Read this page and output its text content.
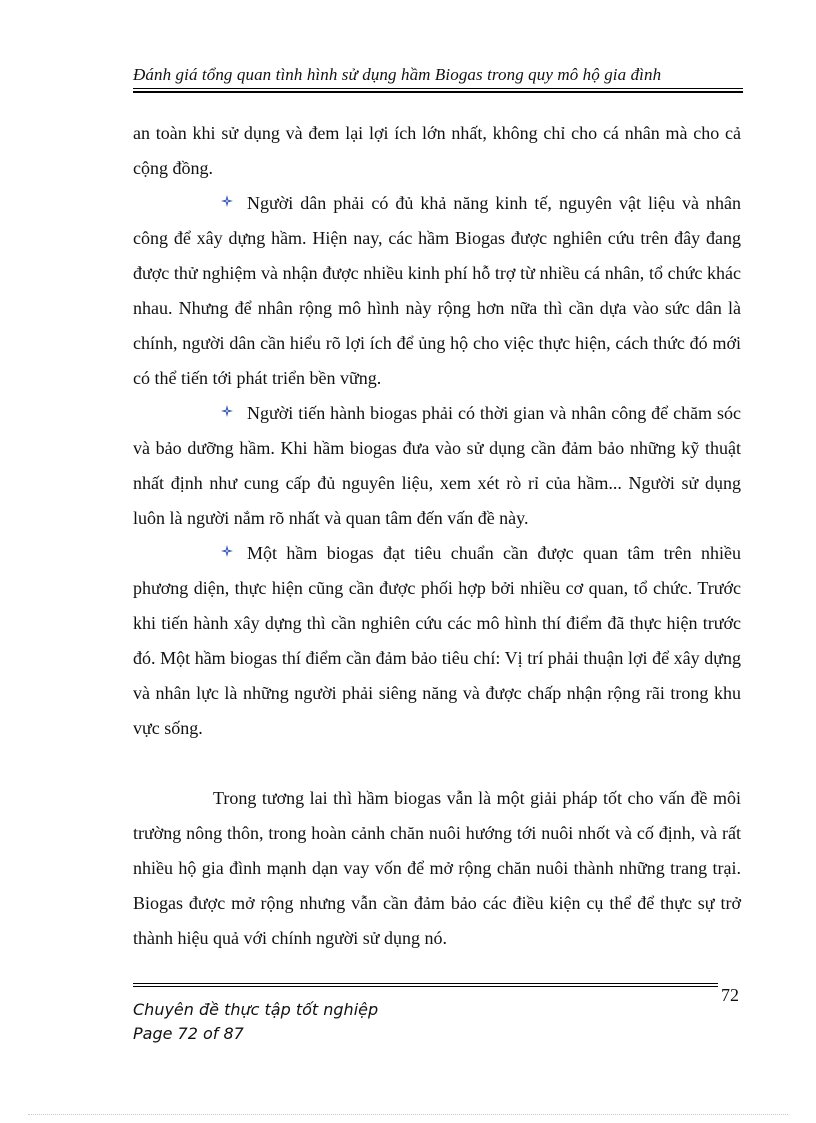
Đánh giá tổng quan tình hình sử dụng hầm Biogas trong quy mô hộ gia đình

an toàn khi sử dụng và đem lại lợi ích lớn nhất, không chỉ cho cá nhân mà cho cả cộng đồng.

Người dân phải có đủ khả năng kinh tế, nguyên vật liệu và nhân công để xây dựng hầm. Hiện nay, các hầm Biogas được nghiên cứu trên đây đang được thử nghiệm và nhận được nhiều kinh phí hỗ trợ từ nhiều cá nhân, tổ chức khác nhau. Nhưng để nhân rộng mô hình này rộng hơn nữa thì cần dựa vào sức dân là chính, người dân cần hiểu rõ lợi ích để ủng hộ cho việc thực hiện, cách thức đó mới có thể tiến tới phát triển bền vững.

Người tiến hành biogas phải có thời gian và nhân công để chăm sóc và bảo dưỡng hầm. Khi hầm biogas đưa vào sử dụng cần đảm bảo những kỹ thuật nhất định như cung cấp đủ nguyên liệu, xem xét rò rỉ của hầm... Người sử dụng luôn là người nắm rõ nhất và quan tâm đến vấn đề này.

Một hầm biogas đạt tiêu chuẩn cần được quan tâm trên nhiều phương diện, thực hiện cũng cần được phối hợp bởi nhiều cơ quan, tổ chức. Trước khi tiến hành xây dựng thì cần nghiên cứu các mô hình thí điểm đã thực hiện trước đó. Một hầm biogas thí điểm cần đảm bảo tiêu chí: Vị trí phải thuận lợi để xây dựng và nhân lực là những người phải siêng năng và được chấp nhận rộng rãi trong khu vực sống.

Trong tương lai thì hầm biogas vẫn là một giải pháp tốt cho vấn đề môi trường nông thôn, trong hoàn cảnh chăn nuôi hướng tới nuôi nhốt và cố định, và rất nhiều hộ gia đình mạnh dạn vay vốn để mở rộng chăn nuôi thành những trang trại. Biogas được mở rộng nhưng vẫn cần đảm bảo các điều kiện cụ thể để thực sự trở thành hiệu quả với chính người sử dụng nó.

72
Chuyên đề thực tập tốt nghiệp
Page 72 of 87
